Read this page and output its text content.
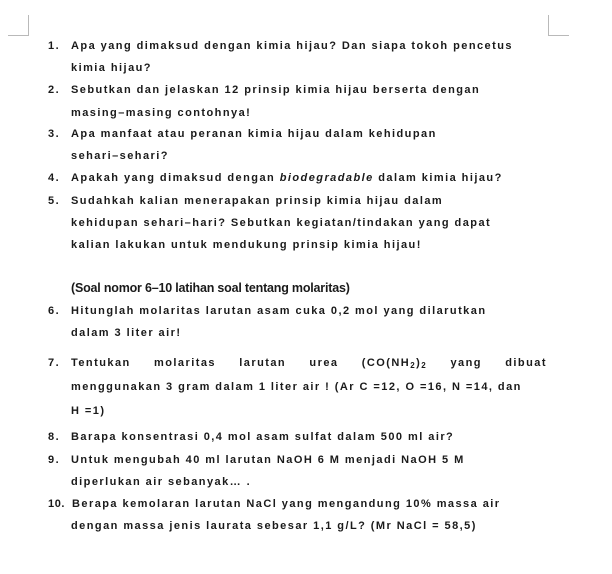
1. Apa yang dimaksud dengan kimia hijau? Dan siapa tokoh pencetus
kimia hijau?
2. Sebutkan dan jelaskan 12 prinsip kimia hijau berserta dengan
masing–masing contohnya!
3. Apa manfaat atau peranan kimia hijau dalam kehidupan
sehari–sehari?
4. Apakah yang dimaksud dengan biodegradable dalam kimia hijau?
5. Sudahkah kalian menerapakan prinsip kimia hijau dalam
kehidupan sehari–hari? Sebutkan kegiatan/tindakan yang dapat
kalian lakukan untuk mendukung prinsip kimia hijau!
(Soal nomor 6–10 latihan soal tentang molaritas)
6. Hitunglah molaritas larutan asam cuka 0,2 mol yang dilarutkan
dalam 3 liter air!
7. Tentukan molaritas larutan urea ($CO(NH_2)_2$ yang dibuat
menggunakan 3 gram dalam 1 liter air ! (Ar C =12, O =16, N =14, dan
H =1)
8. Barapa konsentrasi 0,4 mol asam sulfat dalam 500 ml air?
9. Untuk mengubah 40 ml larutan NaOH 6 M menjadi NaOH 5 M
diperlukan air sebanyak… .
10. Berapa kemolaran larutan NaCl yang mengandung 10% massa air
dengan massa jenis laurata sebesar 1,1 g/L? (Mr NaCl = 58,5)
